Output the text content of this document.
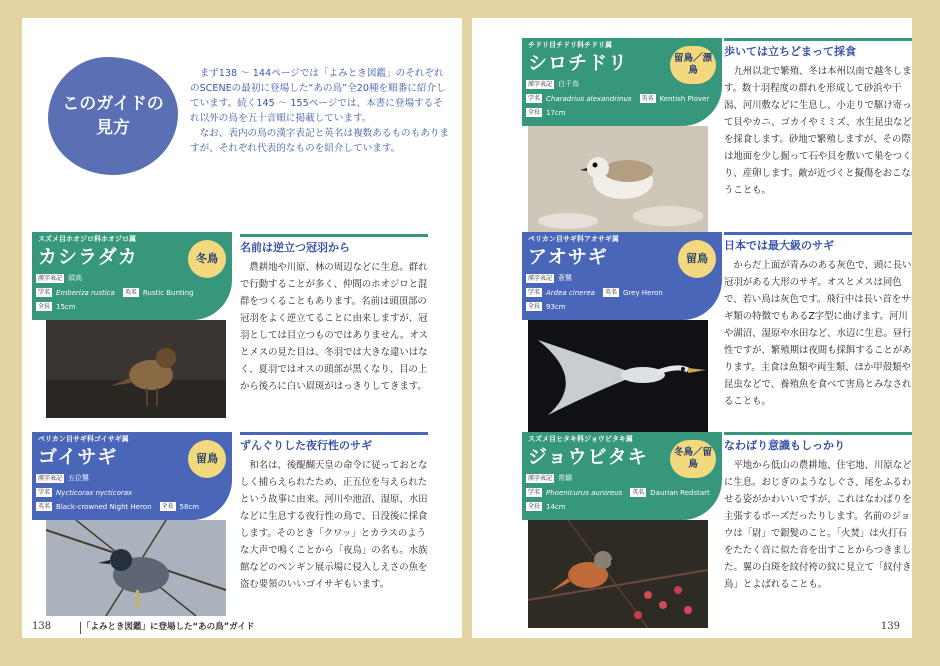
このガイドの
見方

まず138 ～ 144ページでは「よみとき図鑑」のそれぞれのSCENEの最初に登場した“あの鳥”全20種を順番に紹介しています。続く145 ～ 155ページでは、本書に登場するそれ以外の鳥を五十音順に掲載しています。

なお、表内の鳥の漢字表記と英名は複数あるものもありますが、それぞれ代表的なものを紹介しています。

スズメ目ホオジロ科ホオジロ属
カシラダカ	冬鳥
漢字表記 頭高
学名 Emberiza rustica	英名 Rustic Bunting
全長 15cm
名前は逆立つ冠羽から

農耕地や川原、林の周辺などに生息。群れで行動することが多く、仲間のホオジロと混群をつくることもあります。名前は頭頂部の冠羽をよく逆立てることに由来しますが、冠羽としては目立つものではありません。オスとメスの見た目は、冬羽では大きな違いはなく、夏羽ではオスの頭部が黒くなり、目の上から後ろに白い眉斑がはっきりしてきます。

ペリカン目サギ科ゴイサギ属
ゴイサギ	留鳥
漢字表記 五位鷺
学名 Nycticorax nycticorax
英名 Black-crowned Night Heron	全長 58cm
ずんぐりした夜行性のサギ

和名は、後醍醐天皇の命令に従っておとなしく捕らえられたため、正五位を与えられたという故事に由来。河川や池沼、湿原、水田などに生息する夜行性の鳥で、日没後に採食します。そのとき「クワッ」とカラスのような大声で鳴くことから「夜烏」の名も。水族館などのペンギン展示場に侵入しえさの魚を盗む要領のいいゴイサギもいます。

138	「よみとき図鑑」に登場した“あの鳥”ガイド
チドリ目チドリ科チドリ属
シロチドリ	留鳥／漂鳥
漢字表記 白千鳥
学名 Charadrius alexandrinus	英名 Kentish Plover
全長 17cm
歩いては立ちどまって採食

九州以北で繁殖、冬は本州以南で越冬します。数十羽程度の群れを形成して砂浜や干潟、河川敷などに生息し、小走りで駆け寄って貝やカニ、ゴカイやミミズ、水生昆虫などを採食します。砂地で繁殖しますが、その際は地面を少し掘って石や貝を敷いて巣をつくり、産卵します。敵が近づくと擬傷をおこなうことも。

ペリカン目サギ科アオサギ属
アオサギ	留鳥
漢字表記 蒼鷺
学名 Ardea cinerea	英名 Grey Heron
全長 93cm
日本では最大級のサギ

からだ上面が青みのある灰色で、頭に長い冠羽がある大形のサギ。オスとメスは同色で、若い鳥は灰色です。飛行中は長い首をサギ類の特徴でもあるZ字型に曲げます。河川や湖沼、湿原や水田など、水辺に生息。昼行性ですが、繁殖期は夜間も採餌することがあります。主食は魚類や両生類、ほか甲殻類や昆虫などで、養殖魚を食べて害鳥とみなされることも。

スズメ目ヒタキ科ジョウビタキ属
ジョウビタキ	冬鳥／留鳥
漢字表記 常鶲
学名 Phoenicurus auroreus	英名 Daurian Redstart
全長 14cm
なわばり意識もしっかり

平地から低山の農耕地、住宅地、川原などに生息。おじぎのようなしぐさ、尾をふるわせる姿がかわいいですが、これはなわばりを主張するポーズだったりします。名前のジョウは「尉」で銀髪のこと。「火焚」は火打石をたたく音に似た音を出すことからつきました。翼の白斑を紋付袴の紋に見立て「紋付き鳥」とよばれることも。

139
